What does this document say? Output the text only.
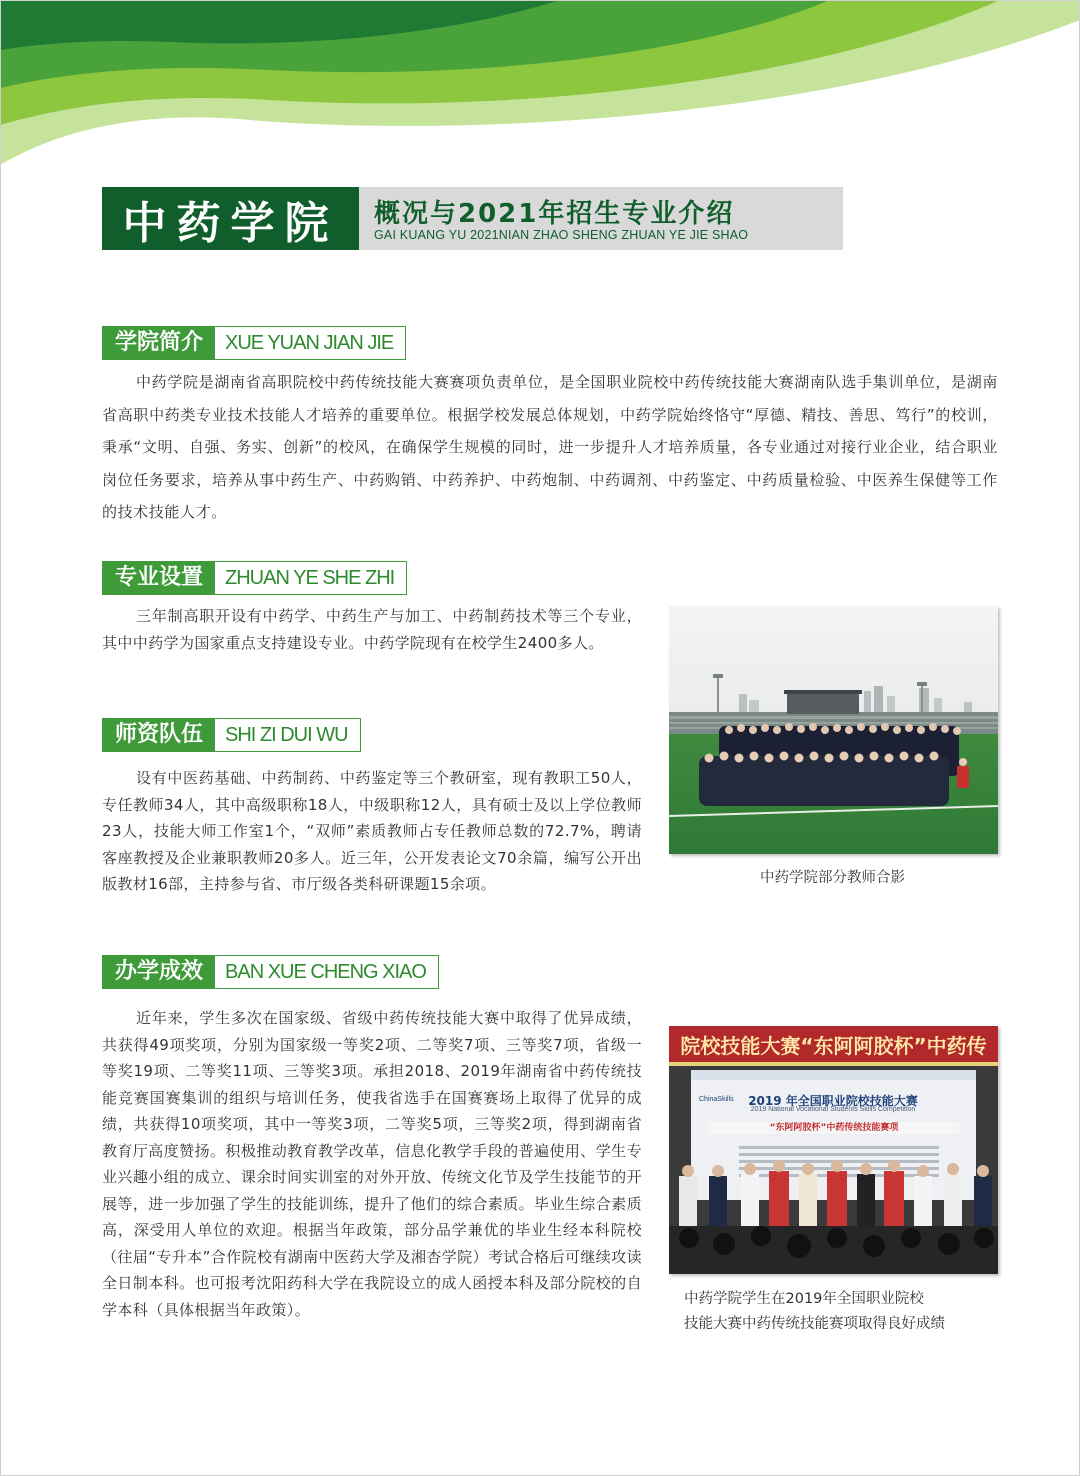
中药学院 概况与2021年招生专业介绍
GAI KUANG YU 2021NIAN ZHAO SHENG ZHUAN YE JIE SHAO
学院简介	XUE YUAN JIAN JIE

中药学院是湖南省高职院校中药传统技能大赛赛项负责单位，是全国职业院校中药传统技能大赛湖南队选手集训单位，是湖南省高职中药类专业技术技能人才培养的重要单位。根据学校发展总体规划，中药学院始终恪守“厚德、精技、善思、笃行”的校训，秉承“文明、自强、务实、创新”的校风，在确保学生规模的同时，进一步提升人才培养质量，各专业通过对接行业企业，结合职业岗位任务要求，培养从事中药生产、中药购销、中药养护、中药炮制、中药调剂、中药鉴定、中药质量检验、中医养生保健等工作的技术技能人才。

专业设置	ZHUAN YE SHE ZHI

三年制高职开设有中药学、中药生产与加工、中药制药技术等三个专业，其中中药学为国家重点支持建设专业。中药学院现有在校学生2400多人。

师资队伍	SHI ZI DUI WU

设有中医药基础、中药制药、中药鉴定等三个教研室，现有教职工50人，专任教师34人，其中高级职称18人，中级职称12人，具有硕士及以上学位教师23人，技能大师工作室1个，“双师”素质教师占专任教师总数的72.7%，聘请客座教授及企业兼职教师20多人。近三年，公开发表论文70余篇，编写公开出版教材16部，主持参与省、市厅级各类科研课题15余项。

办学成效	BAN XUE CHENG XIAO

近年来，学生多次在国家级、省级中药传统技能大赛中取得了优异成绩，共获得49项奖项，分别为国家级一等奖2项、二等奖7项、三等奖7项，省级一等奖19项、二等奖11项、三等奖3项。承担2018、2019年湖南省中药传统技能竞赛国赛集训的组织与培训任务，使我省选手在国赛赛场上取得了优异的成绩，共获得10项奖项，其中一等奖3项，二等奖5项，三等奖2项，得到湖南省教育厅高度赞扬。积极推动教育教学改革，信息化教学手段的普遍使用、学生专业兴趣小组的成立、课余时间实训室的对外开放、传统文化节及学生技能节的开展等，进一步加强了学生的技能训练，提升了他们的综合素质。毕业生综合素质高，深受用人单位的欢迎。根据当年政策，部分品学兼优的毕业生经本科院校（往届“专升本”合作院校有湖南中医药大学及湘杏学院）考试合格后可继续攻读全日制本科。也可报考沈阳药科大学在我院设立的成人函授本科及部分院校的自学本科（具体根据当年政策）。

中药学院部分教师合影
院校技能大赛“东阿阿胶杯”中药传
2019 年全国职业院校技能大赛
2019 National Vocational Students Skills Competition
ChinaSkills
“东阿阿胶杯”中药传统技能赛项
中药学院学生在2019年全国职业院校
技能大赛中药传统技能赛项取得良好成绩
